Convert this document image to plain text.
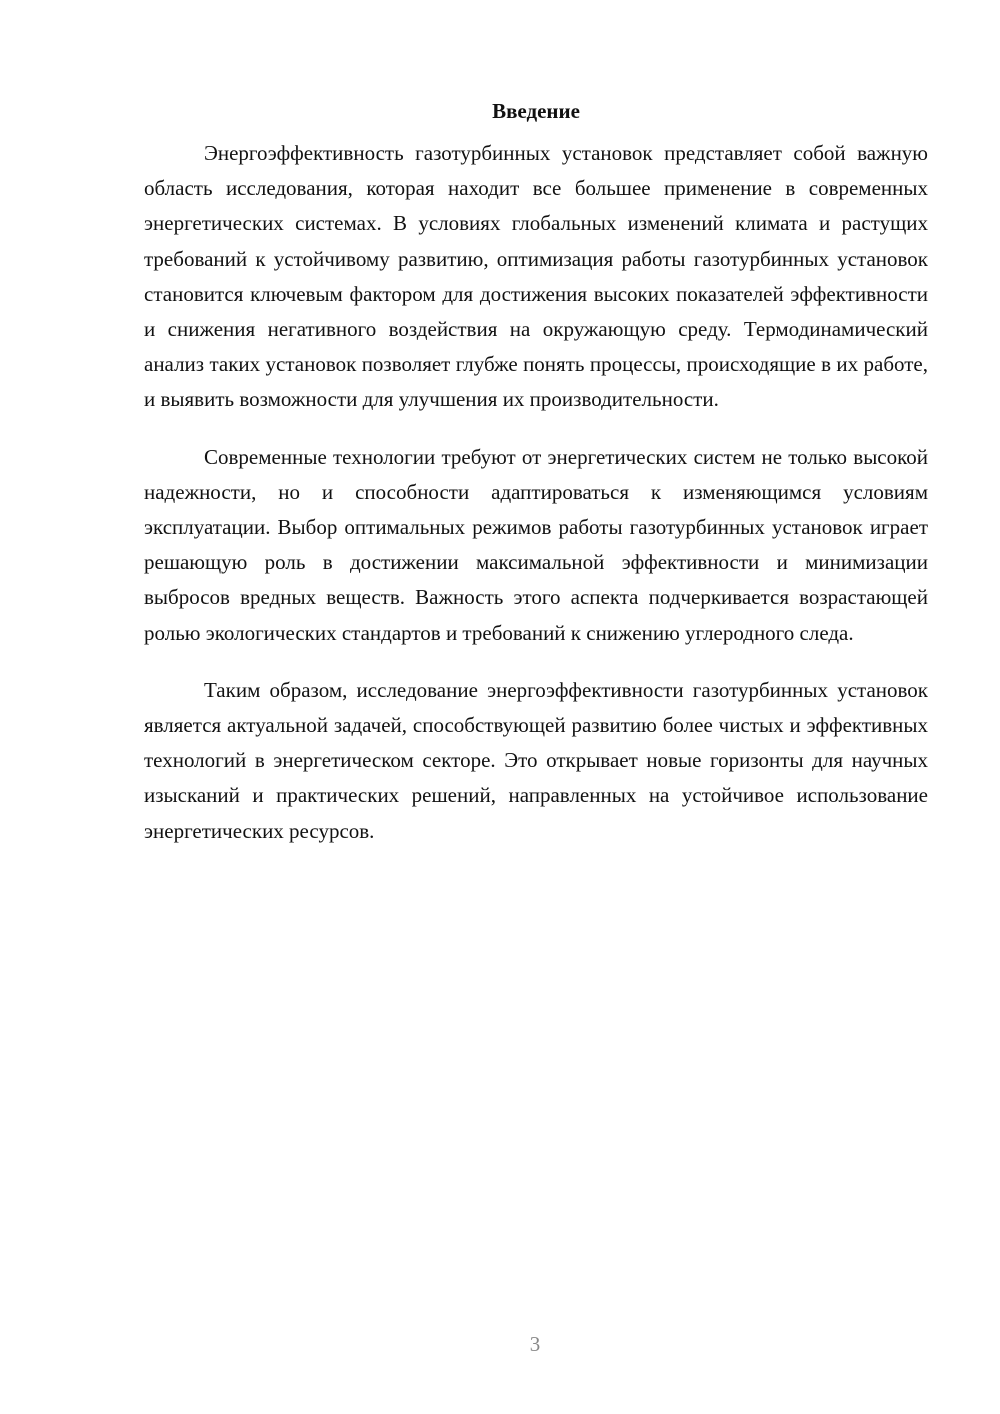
Введение

Энергоэффективность газотурбинных установок представляет собой важную область исследования, которая находит все большее применение в современных энергетических системах. В условиях глобальных изменений климата и растущих требований к устойчивому развитию, оптимизация работы газотурбинных установок становится ключевым фактором для достижения высоких показателей эффективности и снижения негативного воздействия на окружающую среду. Термодинамический анализ таких установок позволяет глубже понять процессы, происходящие в их работе, и выявить возможности для улучшения их производительности.

Современные технологии требуют от энергетических систем не только высокой надежности, но и способности адаптироваться к изменяющимся условиям эксплуатации. Выбор оптимальных режимов работы газотурбинных установок играет решающую роль в достижении максимальной эффективности и минимизации выбросов вредных веществ. Важность этого аспекта подчеркивается возрастающей ролью экологических стандартов и требований к снижению углеродного следа.

Таким образом, исследование энергоэффективности газотурбинных установок является актуальной задачей, способствующей развитию более чистых и эффективных технологий в энергетическом секторе. Это открывает новые горизонты для научных изысканий и практических решений, направленных на устойчивое использование энергетических ресурсов.

3
